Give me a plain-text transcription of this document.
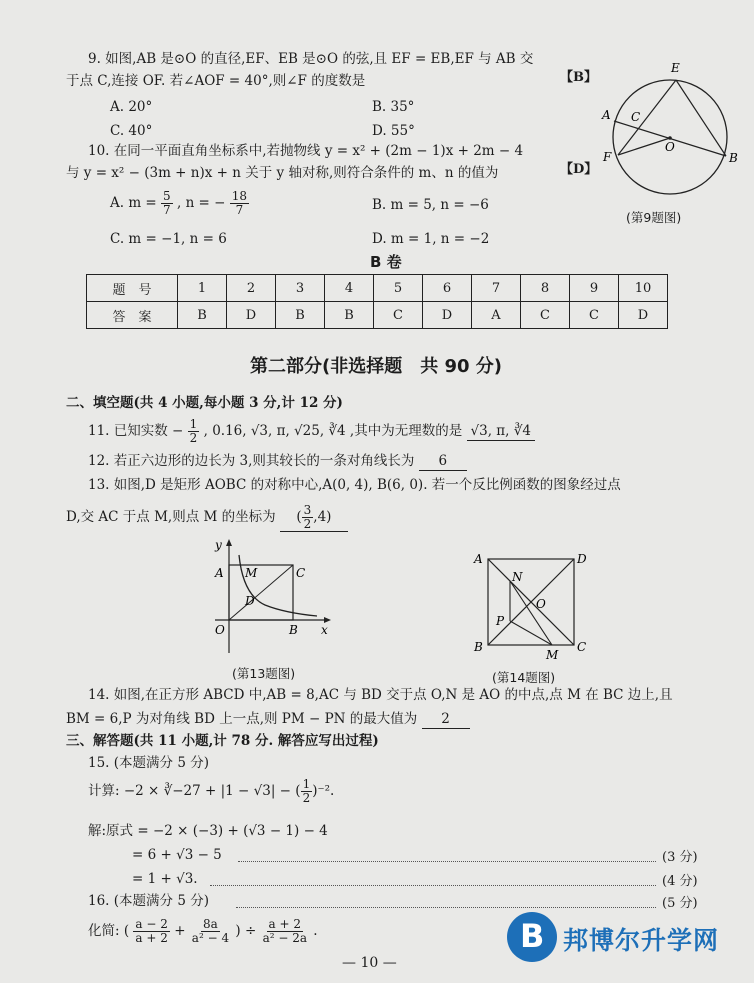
9. 如图,AB 是⊙O 的直径,EF、EB 是⊙O 的弦,且 EF = EB,EF 与 AB 交
于点 C,连接 OF. 若∠AOF = 40°,则∠F 的度数是	【B】
A. 20°	B. 35°
C. 40°	D. 55°
E
A C
O
F	B
(第9题图)
10. 在同一平面直角坐标系中,若抛物线 y = x² + (2m − 1)x + 2m − 4
与 y = x² − (3m + n)x + n 关于 y 轴对称,则符合条件的 m、n 的值为	【D】
A. $m = \frac{5}{7}$ , n = − $\frac{18}{7}$	B. m = 5, n = −6
C. m = −1, n = 6	D. m = 1, n = −2
B 卷
题　号	1	2	3	4	5	6	7	8	9	10
答　案	B	D	B	B	C	D	A	C	C	D
第二部分(非选择题　共 90 分)
二、填空题(共 4 小题,每小题 3 分,计 12 分)
11. 已知实数 − $\frac{1}{2}$ , 0.16, √3, π, √25, ∛4 ,其中为无理数的是 √3, π, ∛4
12. 若正六边形的边长为 3,则其较长的一条对角线长为 6
13. 如图,D 是矩形 AOBC 的对称中心,A(0, 4), B(6, 0). 若一个反比例函数的图象经过点
D,交 AC 于点 M,则点 M 的坐标为 ( $\frac{3}{2} ,4$)
y
A M	C
D
O	B x
(第13题图)
A
N
D
O
P
B
M
C
(第14题图)
14. 如图,在正方形 ABCD 中,AB = 8,AC 与 BD 交于点 O,N 是 AO 的中点,点 M 在 BC 边上,且
BM = 6,P 为对角线 BD 上一点,则 PM − PN 的最大值为 2
三、解答题(共 11 小题,计 78 分. 解答应写出过程)
15. (本题满分 5 分)
计算: −2 × ∛−27 + |1 − √3| − ( $\frac{1}{2} )^{-2}$.
解:原式 = −2 × (−3) + (√3 − 1) − 4
= 6 + √3 − 5	(3 分)
= 1 + √3.	(4 分)
16. (本题满分 5 分)	(5 分)
化简: ( $\frac{a - 2}{a + 2} + \frac{8a}{\text{a² − 4}}$ ) ÷ $\frac{a + 2}{\text{a² − 2a}}$ .
— 10 —
B 邦博尔升学网
